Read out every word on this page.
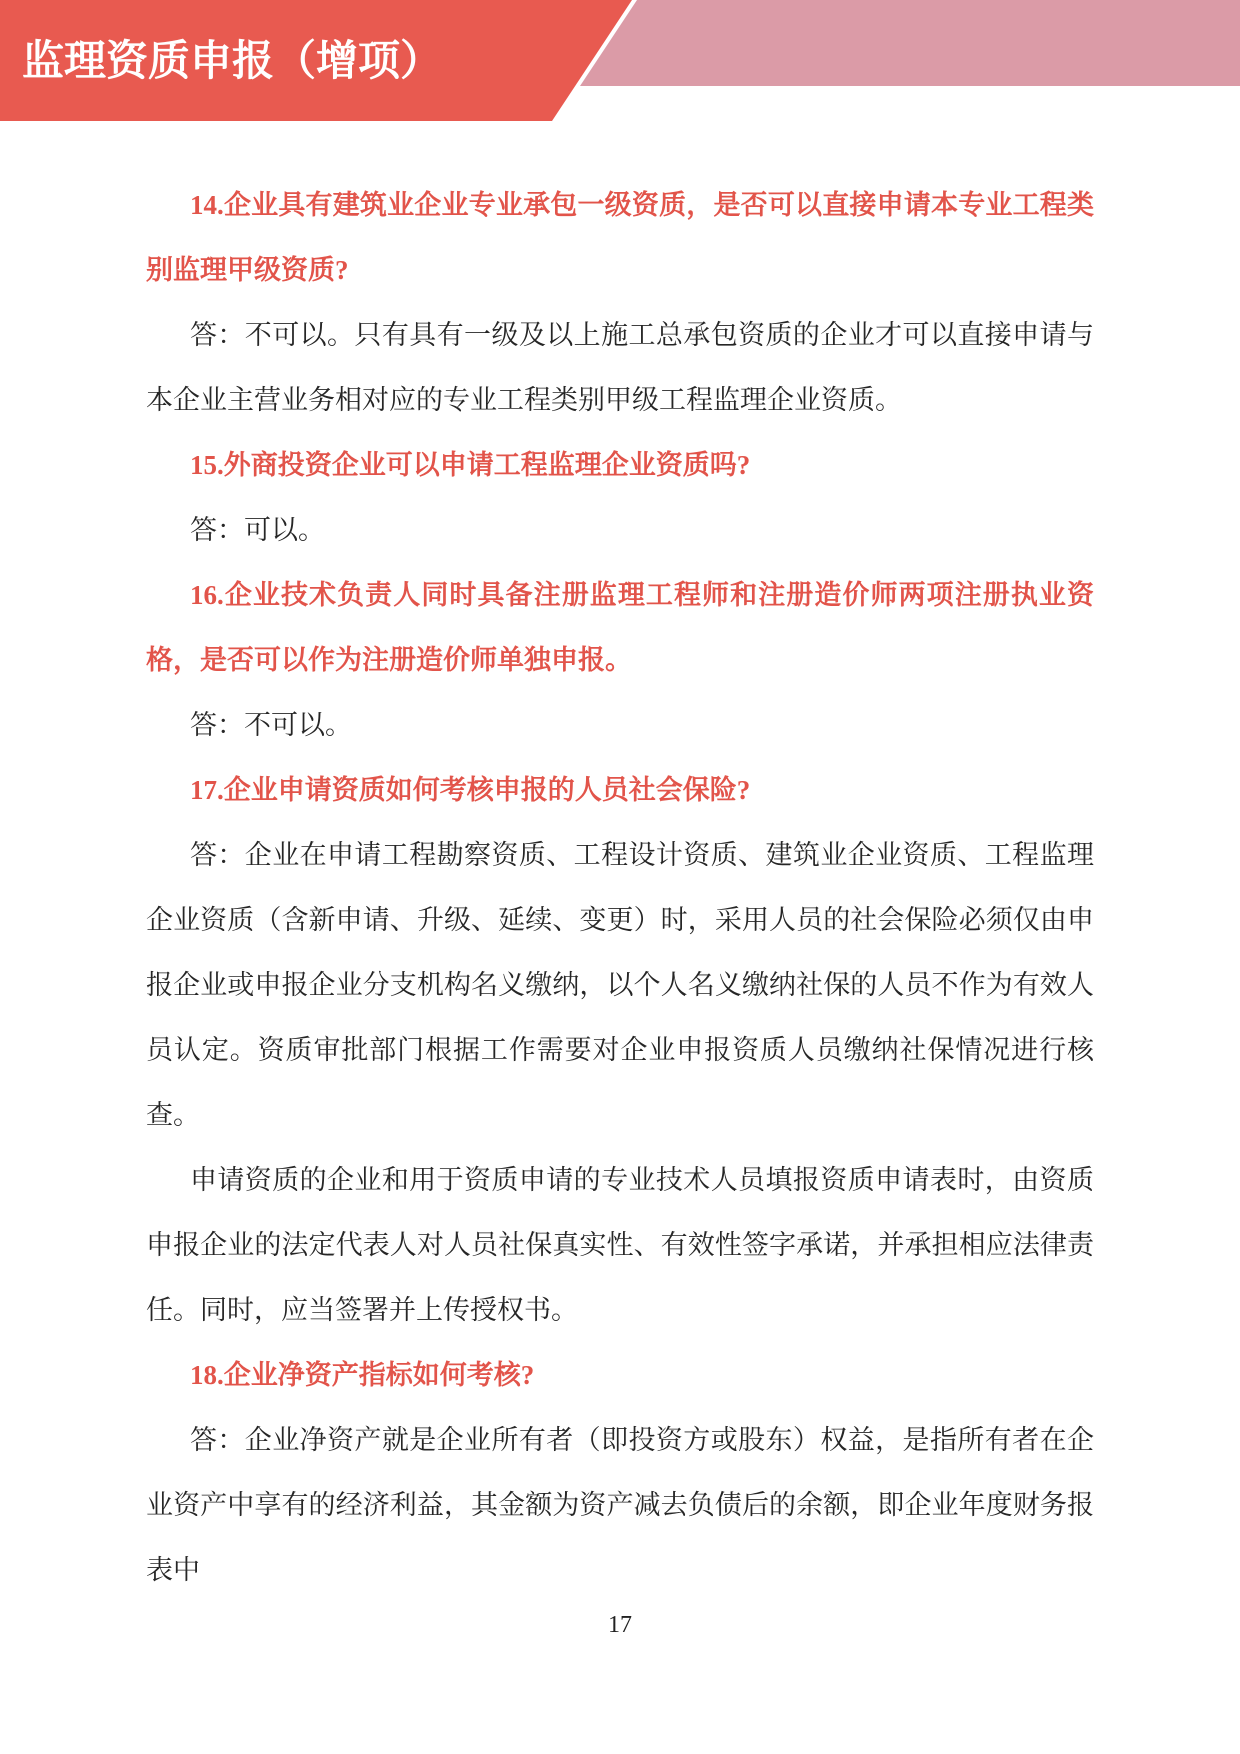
监理资质申报（增项）

14.企业具有建筑业企业专业承包一级资质，是否可以直接申请本专业工程类别监理甲级资质?

答：不可以。只有具有一级及以上施工总承包资质的企业才可以直接申请与本企业主营业务相对应的专业工程类别甲级工程监理企业资质。

15.外商投资企业可以申请工程监理企业资质吗?

答：可以。

16.企业技术负责人同时具备注册监理工程师和注册造价师两项注册执业资格，是否可以作为注册造价师单独申报。

答：不可以。

17.企业申请资质如何考核申报的人员社会保险?

答：企业在申请工程勘察资质、工程设计资质、建筑业企业资质、工程监理企业资质（含新申请、升级、延续、变更）时，采用人员的社会保险必须仅由申报企业或申报企业分支机构名义缴纳，以个人名义缴纳社保的人员不作为有效人员认定。资质审批部门根据工作需要对企业申报资质人员缴纳社保情况进行核查。

申请资质的企业和用于资质申请的专业技术人员填报资质申请表时，由资质申报企业的法定代表人对人员社保真实性、有效性签字承诺，并承担相应法律责任。同时，应当签署并上传授权书。

18.企业净资产指标如何考核?

答：企业净资产就是企业所有者（即投资方或股东）权益，是指所有者在企业资产中享有的经济利益，其金额为资产减去负债后的余额，即企业年度财务报表中

17
